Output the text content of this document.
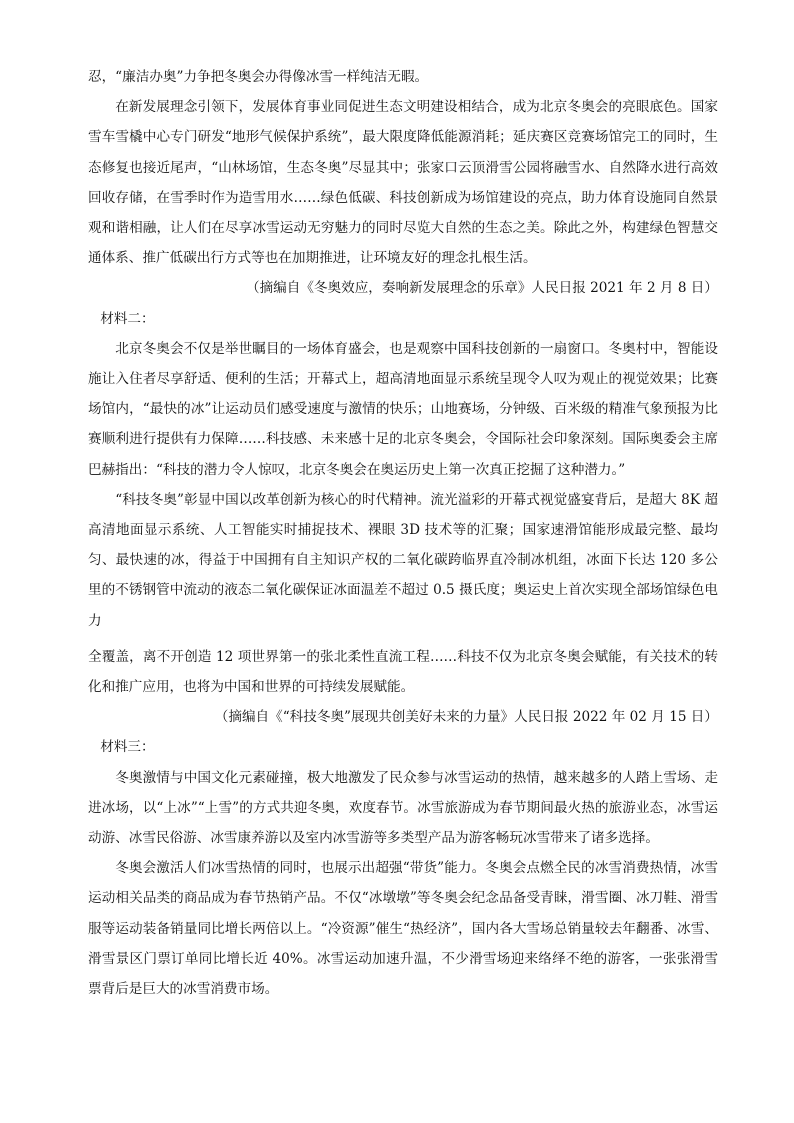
忍，“廉洁办奥”力争把冬奥会办得像冰雪一样纯洁无暇。

在新发展理念引领下，发展体育事业同促进生态文明建设相结合，成为北京冬奥会的亮眼底色。国家雪车雪橇中心专门研发“地形气候保护系统”，最大限度降低能源消耗；延庆赛区竞赛场馆完工的同时，生态修复也接近尾声，“山林场馆，生态冬奥”尽显其中；张家口云顶滑雪公园将融雪水、自然降水进行高效回收存储，在雪季时作为造雪用水……绿色低碳、科技创新成为场馆建设的亮点，助力体育设施同自然景观和谐相融，让人们在尽享冰雪运动无穷魅力的同时尽览大自然的生态之美。除此之外，构建绿色智慧交通体系、推广低碳出行方式等也在加期推进，让环境友好的理念扎根生活。

（摘编自《冬奥效应，奏响新发展理念的乐章》人民日报 2021 年 2 月 8 日）

材料二：

北京冬奥会不仅是举世瞩目的一场体育盛会，也是观察中国科技创新的一扇窗口。冬奥村中，智能设施让入住者尽享舒适、便利的生活；开幕式上，超高清地面显示系统呈现令人叹为观止的视觉效果；比赛场馆内，“最快的冰”让运动员们感受速度与激情的快乐；山地赛场，分钟级、百米级的精准气象预报为比赛顺利进行提供有力保障……科技感、未来感十足的北京冬奥会，令国际社会印象深刻。国际奥委会主席巴赫指出：“科技的潜力令人惊叹，北京冬奥会在奥运历史上第一次真正挖掘了这种潜力。”

“科技冬奥”彰显中国以改革创新为核心的时代精神。流光溢彩的开幕式视觉盛宴背后，是超大 8K 超高清地面显示系统、人工智能实时捕捉技术、裸眼 3D 技术等的汇聚；国家速滑馆能形成最完整、最均匀、最快速的冰，得益于中国拥有自主知识产权的二氧化碳跨临界直冷制冰机组，冰面下长达 120 多公里的不锈钢管中流动的液态二氧化碳保证冰面温差不超过 0.5 摄氏度；奥运史上首次实现全部场馆绿色电力

全覆盖，离不开创造 12 项世界第一的张北柔性直流工程……科技不仅为北京冬奥会赋能，有关技术的转化和推广应用，也将为中国和世界的可持续发展赋能。

（摘编自《“科技冬奥”展现共创美好未来的力量》人民日报 2022 年 02 月 15 日）

材料三：

冬奥激情与中国文化元素碰撞，极大地激发了民众参与冰雪运动的热情，越来越多的人踏上雪场、走进冰场，以“上冰”“上雪”的方式共迎冬奥，欢度春节。冰雪旅游成为春节期间最火热的旅游业态，冰雪运动游、冰雪民俗游、冰雪康养游以及室内冰雪游等多类型产品为游客畅玩冰雪带来了诸多选择。

冬奥会激活人们冰雪热情的同时，也展示出超强“带货”能力。冬奥会点燃全民的冰雪消费热情，冰雪运动相关品类的商品成为春节热销产品。不仅“冰墩墩”等冬奥会纪念品备受青睐，滑雪圈、冰刀鞋、滑雪服等运动装备销量同比增长两倍以上。“冷资源”催生“热经济”，国内各大雪场总销量较去年翻番、冰雪、滑雪景区门票订单同比增长近 40%。冰雪运动加速升温，不少滑雪场迎来络绎不绝的游客，一张张滑雪票背后是巨大的冰雪消费市场。
